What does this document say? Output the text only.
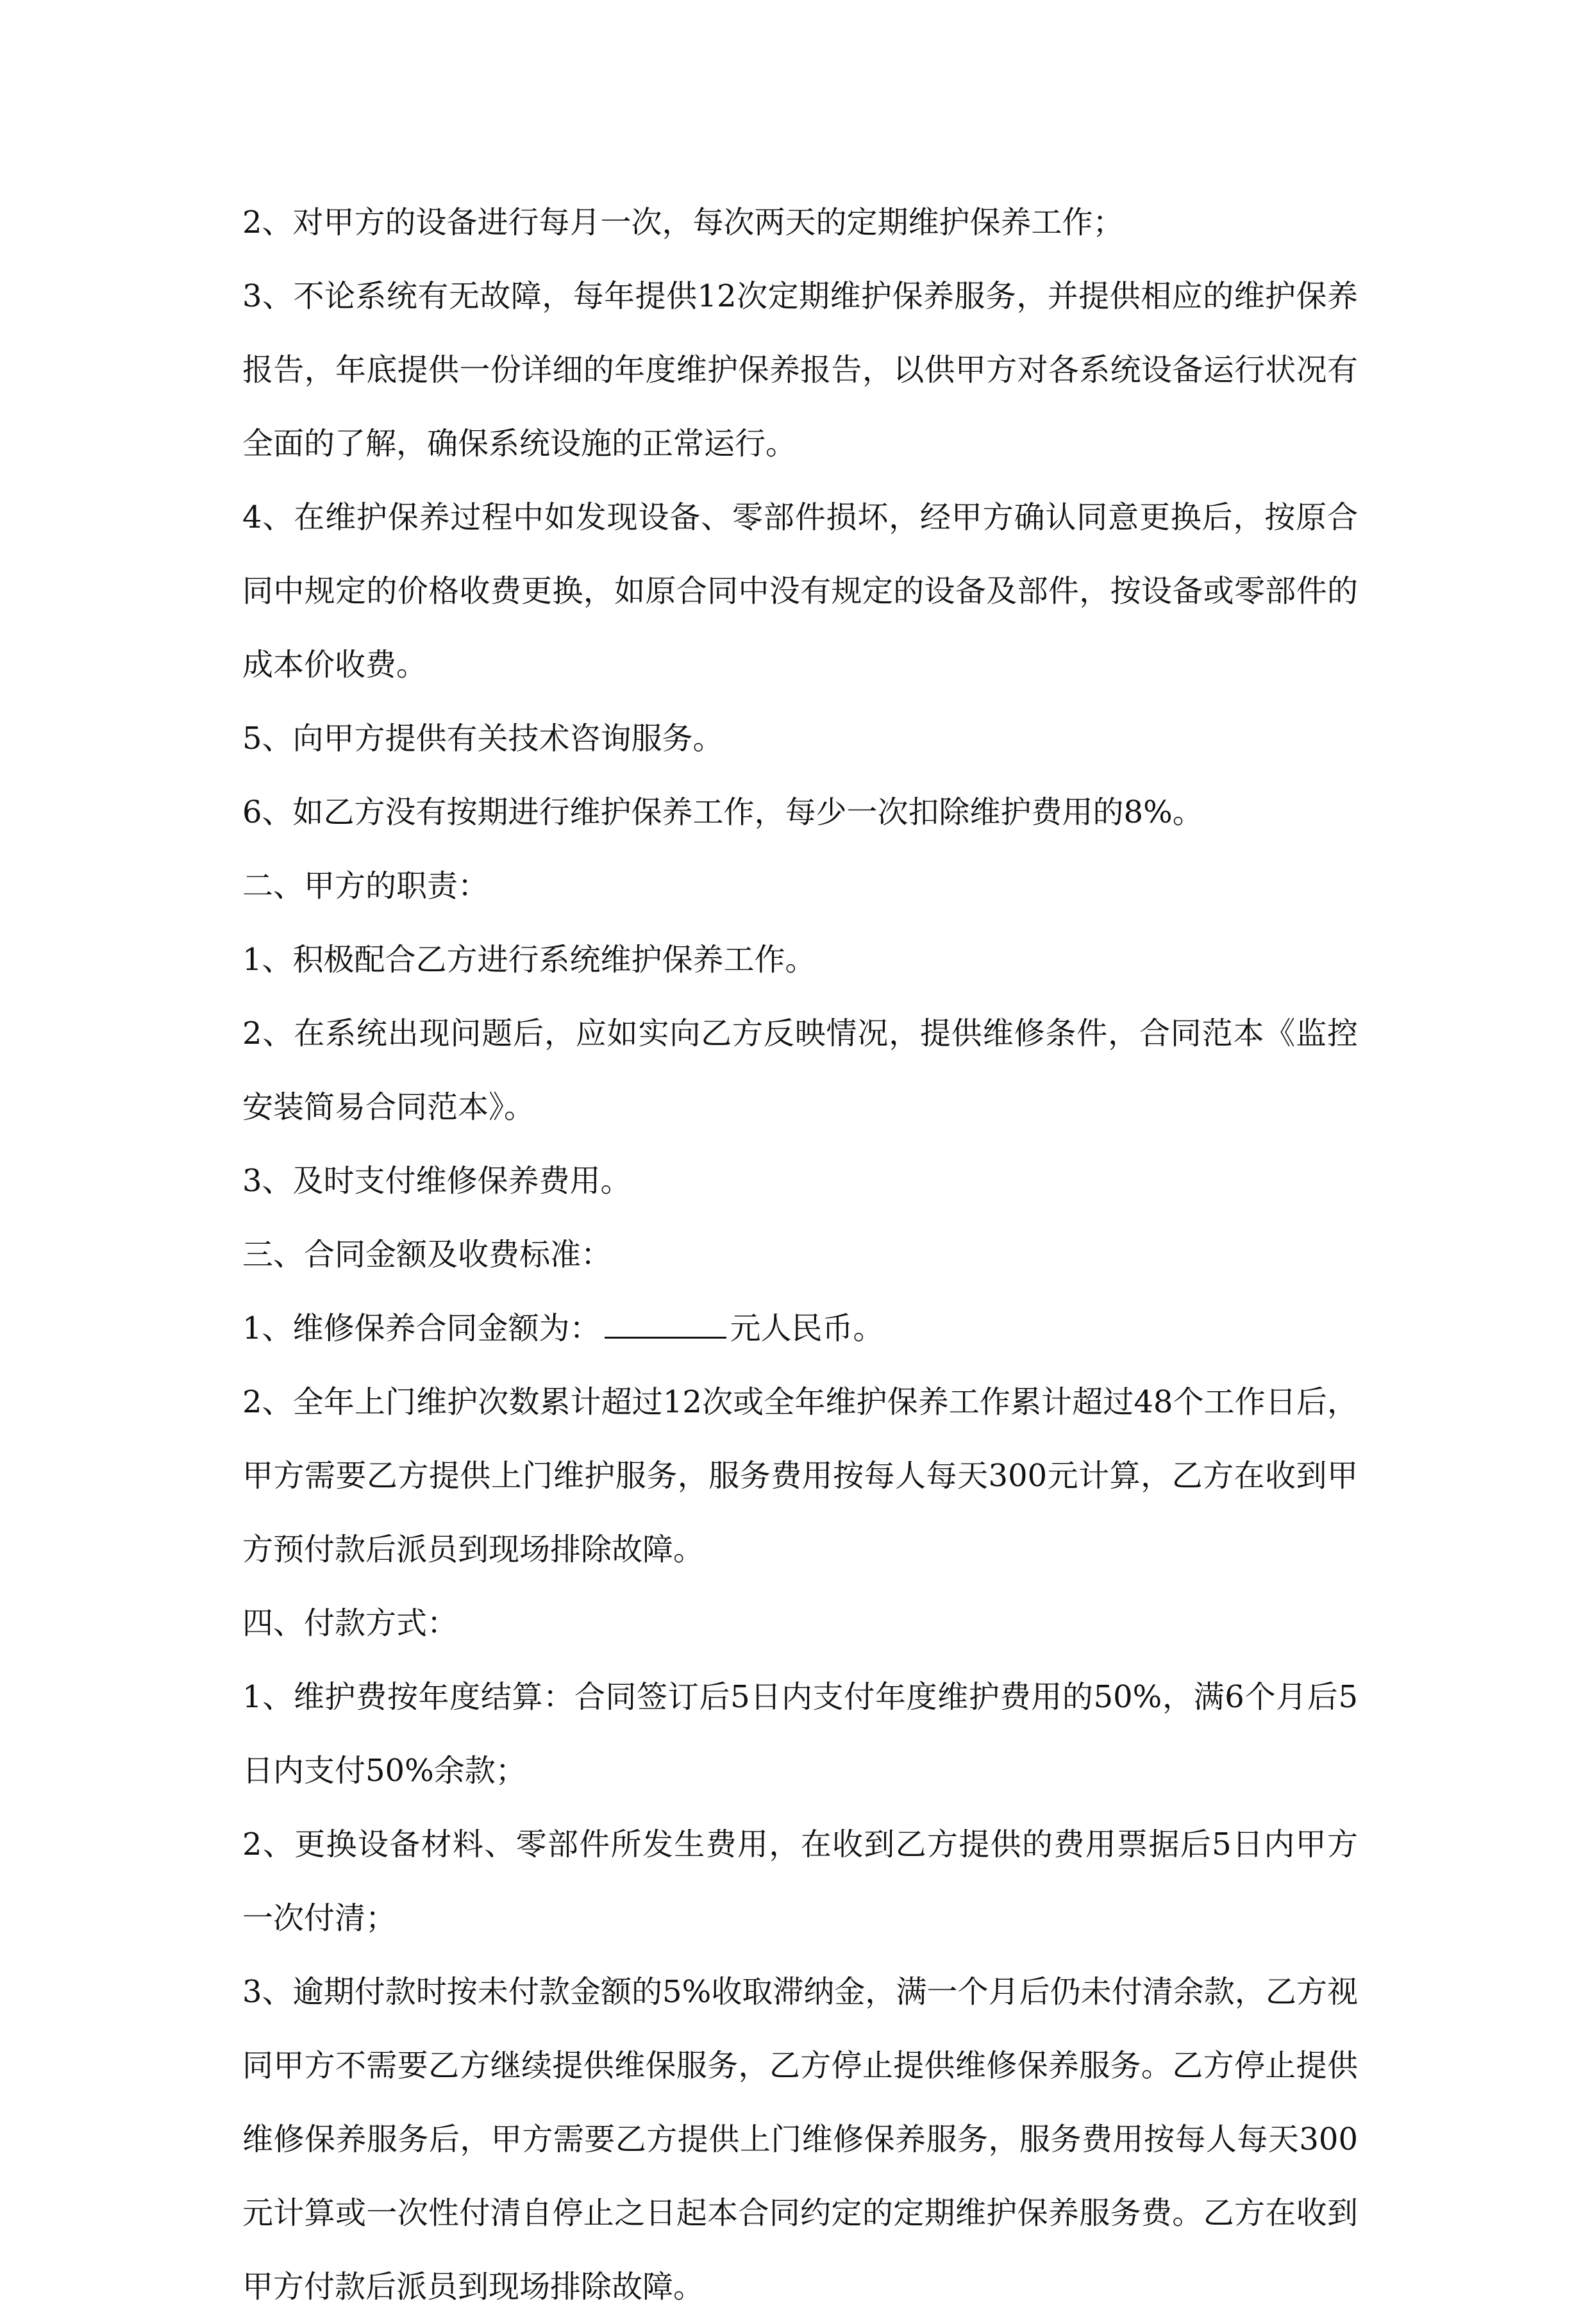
2、对甲方的设备进行每月一次，每次两天的定期维护保养工作；

3、不论系统有无故障，每年提供12次定期维护保养服务，并提供相应的维护保养报告，年底提供一份详细的年度维护保养报告，以供甲方对各系统设备运行状况有全面的了解，确保系统设施的正常运行。

4、在维护保养过程中如发现设备、零部件损坏，经甲方确认同意更换后，按原合同中规定的价格收费更换，如原合同中没有规定的设备及部件，按设备或零部件的成本价收费。

5、向甲方提供有关技术咨询服务。

6、如乙方没有按期进行维护保养工作，每少一次扣除维护费用的8%。

二、甲方的职责：

1、积极配合乙方进行系统维护保养工作。

2、在系统出现问题后，应如实向乙方反映情况，提供维修条件，合同范本《监控安装简易合同范本》。

3、及时支付维修保养费用。

三、合同金额及收费标准：

1、维修保养合同金额为：	元人民币。

2、全年上门维护次数累计超过12次或全年维护保养工作累计超过48个工作日后，甲方需要乙方提供上门维护服务，服务费用按每人每天300元计算，乙方在收到甲方预付款后派员到现场排除故障。

四、付款方式：

1、维护费按年度结算：合同签订后5日内支付年度维护费用的50%，满6个月后5日内支付50%余款；

2、更换设备材料、零部件所发生费用，在收到乙方提供的费用票据后5日内甲方一次付清；

3、逾期付款时按未付款金额的5%收取滞纳金，满一个月后仍未付清余款，乙方视同甲方不需要乙方继续提供维保服务，乙方停止提供维修保养服务。乙方停止提供维修保养服务后，甲方需要乙方提供上门维修保养服务，服务费用按每人每天300元计算或一次性付清自停止之日起本合同约定的定期维护保养服务费。乙方在收到甲方付款后派员到现场排除故障。
